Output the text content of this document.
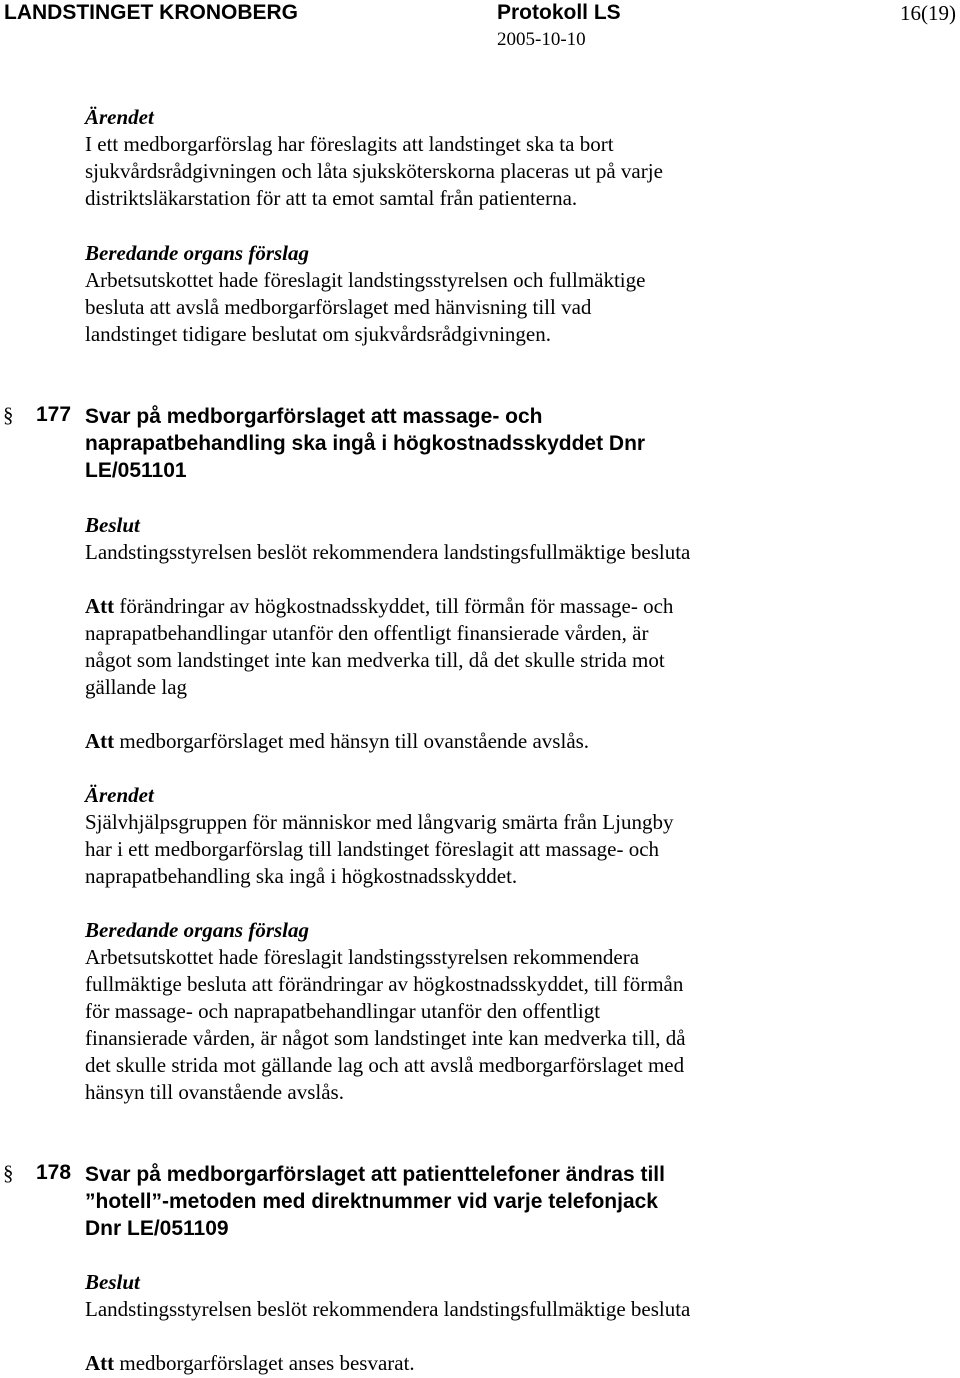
LANDSTINGET KRONOBERG	Protokoll LS
2005-10-10
16(19)
Ärendet
I ett medborgarförslag har föreslagits att landstinget ska ta bort
sjukvårdsrådgivningen och låta sjuksköterskorna placeras ut på varje
distriktsläkarstation för att ta emot samtal från patienterna.
Beredande organs förslag
Arbetsutskottet hade föreslagit landstingsstyrelsen och fullmäktige
besluta att avslå medborgarförslaget med hänvisning till vad
landstinget tidigare beslutat om sjukvårdsrådgivningen.
§ 177 Svar på medborgarförslaget att massage- och
naprapatbehandling ska ingå i högkostnadsskyddet Dnr
LE/051101
Beslut
Landstingsstyrelsen beslöt rekommendera landstingsfullmäktige besluta
Att förändringar av högkostnadsskyddet, till förmån för massage- och
naprapatbehandlingar utanför den offentligt finansierade vården, är
något som landstinget inte kan medverka till, då det skulle strida mot
gällande lag
Att medborgarförslaget med hänsyn till ovanstående avslås.
Ärendet
Självhjälpsgruppen för människor med långvarig smärta från Ljungby
har i ett medborgarförslag till landstinget föreslagit att massage- och
naprapatbehandling ska ingå i högkostnadsskyddet.
Beredande organs förslag
Arbetsutskottet hade föreslagit landstingsstyrelsen rekommendera
fullmäktige besluta att förändringar av högkostnadsskyddet, till förmån
för massage- och naprapatbehandlingar utanför den offentligt
finansierade vården, är något som landstinget inte kan medverka till, då
det skulle strida mot gällande lag och att avslå medborgarförslaget med
hänsyn till ovanstående avslås.
§ 178 Svar på medborgarförslaget att patienttelefoner ändras till
”hotell”-metoden med direktnummer vid varje telefonjack
Dnr LE/051109
Beslut
Landstingsstyrelsen beslöt rekommendera landstingsfullmäktige besluta
Att medborgarförslaget anses besvarat.
